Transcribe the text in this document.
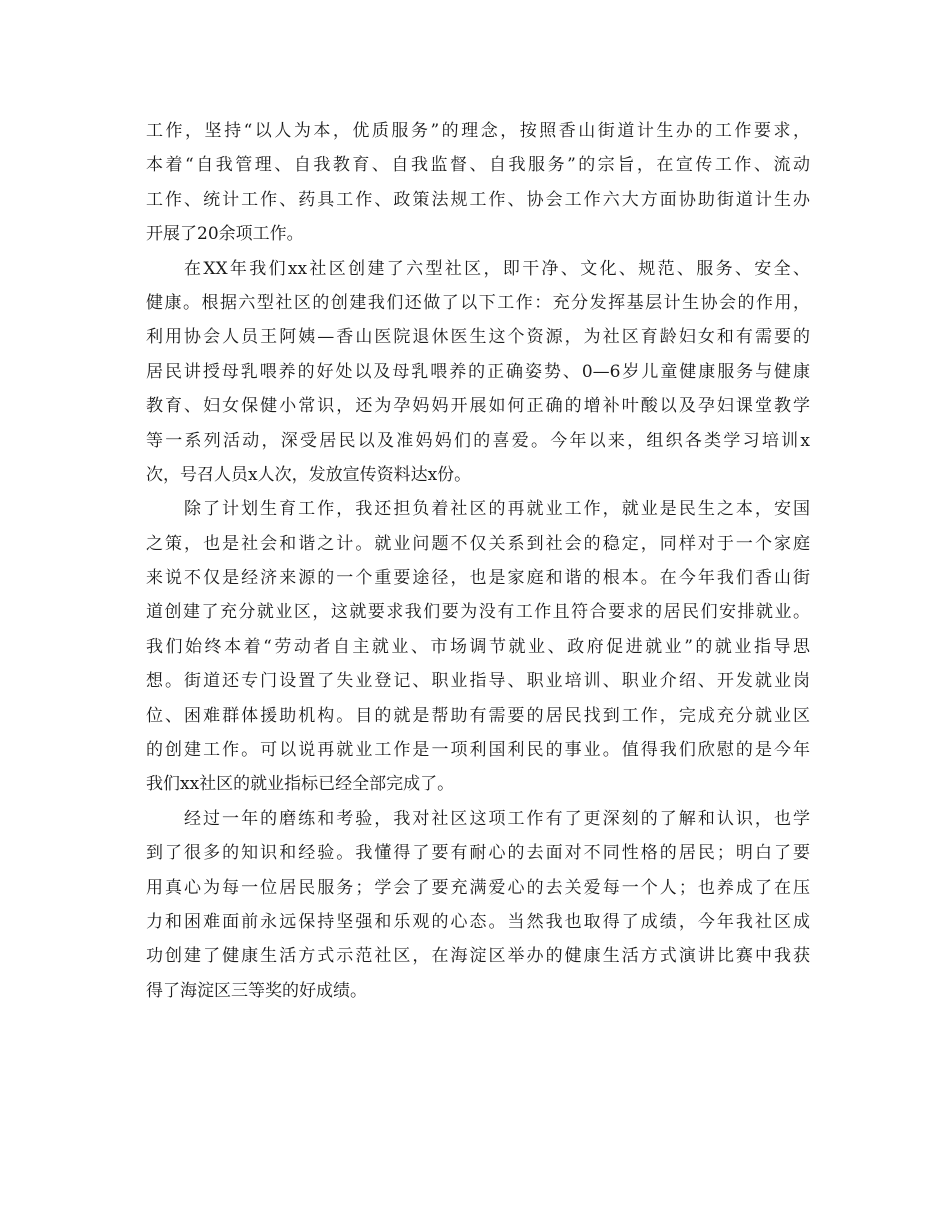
工作，坚持“以人为本，优质服务”的理念，按照香山街道计生办的工作要求，
本着“自我管理、自我教育、自我监督、自我服务”的宗旨，在宣传工作、流动
工作、统计工作、药具工作、政策法规工作、协会工作六大方面协助街道计生办
开展了20余项工作。
在XX年我们xx社区创建了六型社区，即干净、文化、规范、服务、安全、
健康。根据六型社区的创建我们还做了以下工作：充分发挥基层计生协会的作用，
利用协会人员王阿姨—香山医院退休医生这个资源，为社区育龄妇女和有需要的
居民讲授母乳喂养的好处以及母乳喂养的正确姿势、0—6岁儿童健康服务与健康
教育、妇女保健小常识，还为孕妈妈开展如何正确的增补叶酸以及孕妇课堂教学
等一系列活动，深受居民以及准妈妈们的喜爱。今年以来，组织各类学习培训x
次，号召人员x人次，发放宣传资料达x份。
除了计划生育工作，我还担负着社区的再就业工作，就业是民生之本，安国
之策，也是社会和谐之计。就业问题不仅关系到社会的稳定，同样对于一个家庭
来说不仅是经济来源的一个重要途径，也是家庭和谐的根本。在今年我们香山街
道创建了充分就业区，这就要求我们要为没有工作且符合要求的居民们安排就业。
我们始终本着“劳动者自主就业、市场调节就业、政府促进就业”的就业指导思
想。街道还专门设置了失业登记、职业指导、职业培训、职业介绍、开发就业岗
位、困难群体援助机构。目的就是帮助有需要的居民找到工作，完成充分就业区
的创建工作。可以说再就业工作是一项利国利民的事业。值得我们欣慰的是今年
我们xx社区的就业指标已经全部完成了。
经过一年的磨练和考验，我对社区这项工作有了更深刻的了解和认识，也学
到了很多的知识和经验。我懂得了要有耐心的去面对不同性格的居民；明白了要
用真心为每一位居民服务；学会了要充满爱心的去关爱每一个人；也养成了在压
力和困难面前永远保持坚强和乐观的心态。当然我也取得了成绩，今年我社区成
功创建了健康生活方式示范社区，在海淀区举办的健康生活方式演讲比赛中我获
得了海淀区三等奖的好成绩。
